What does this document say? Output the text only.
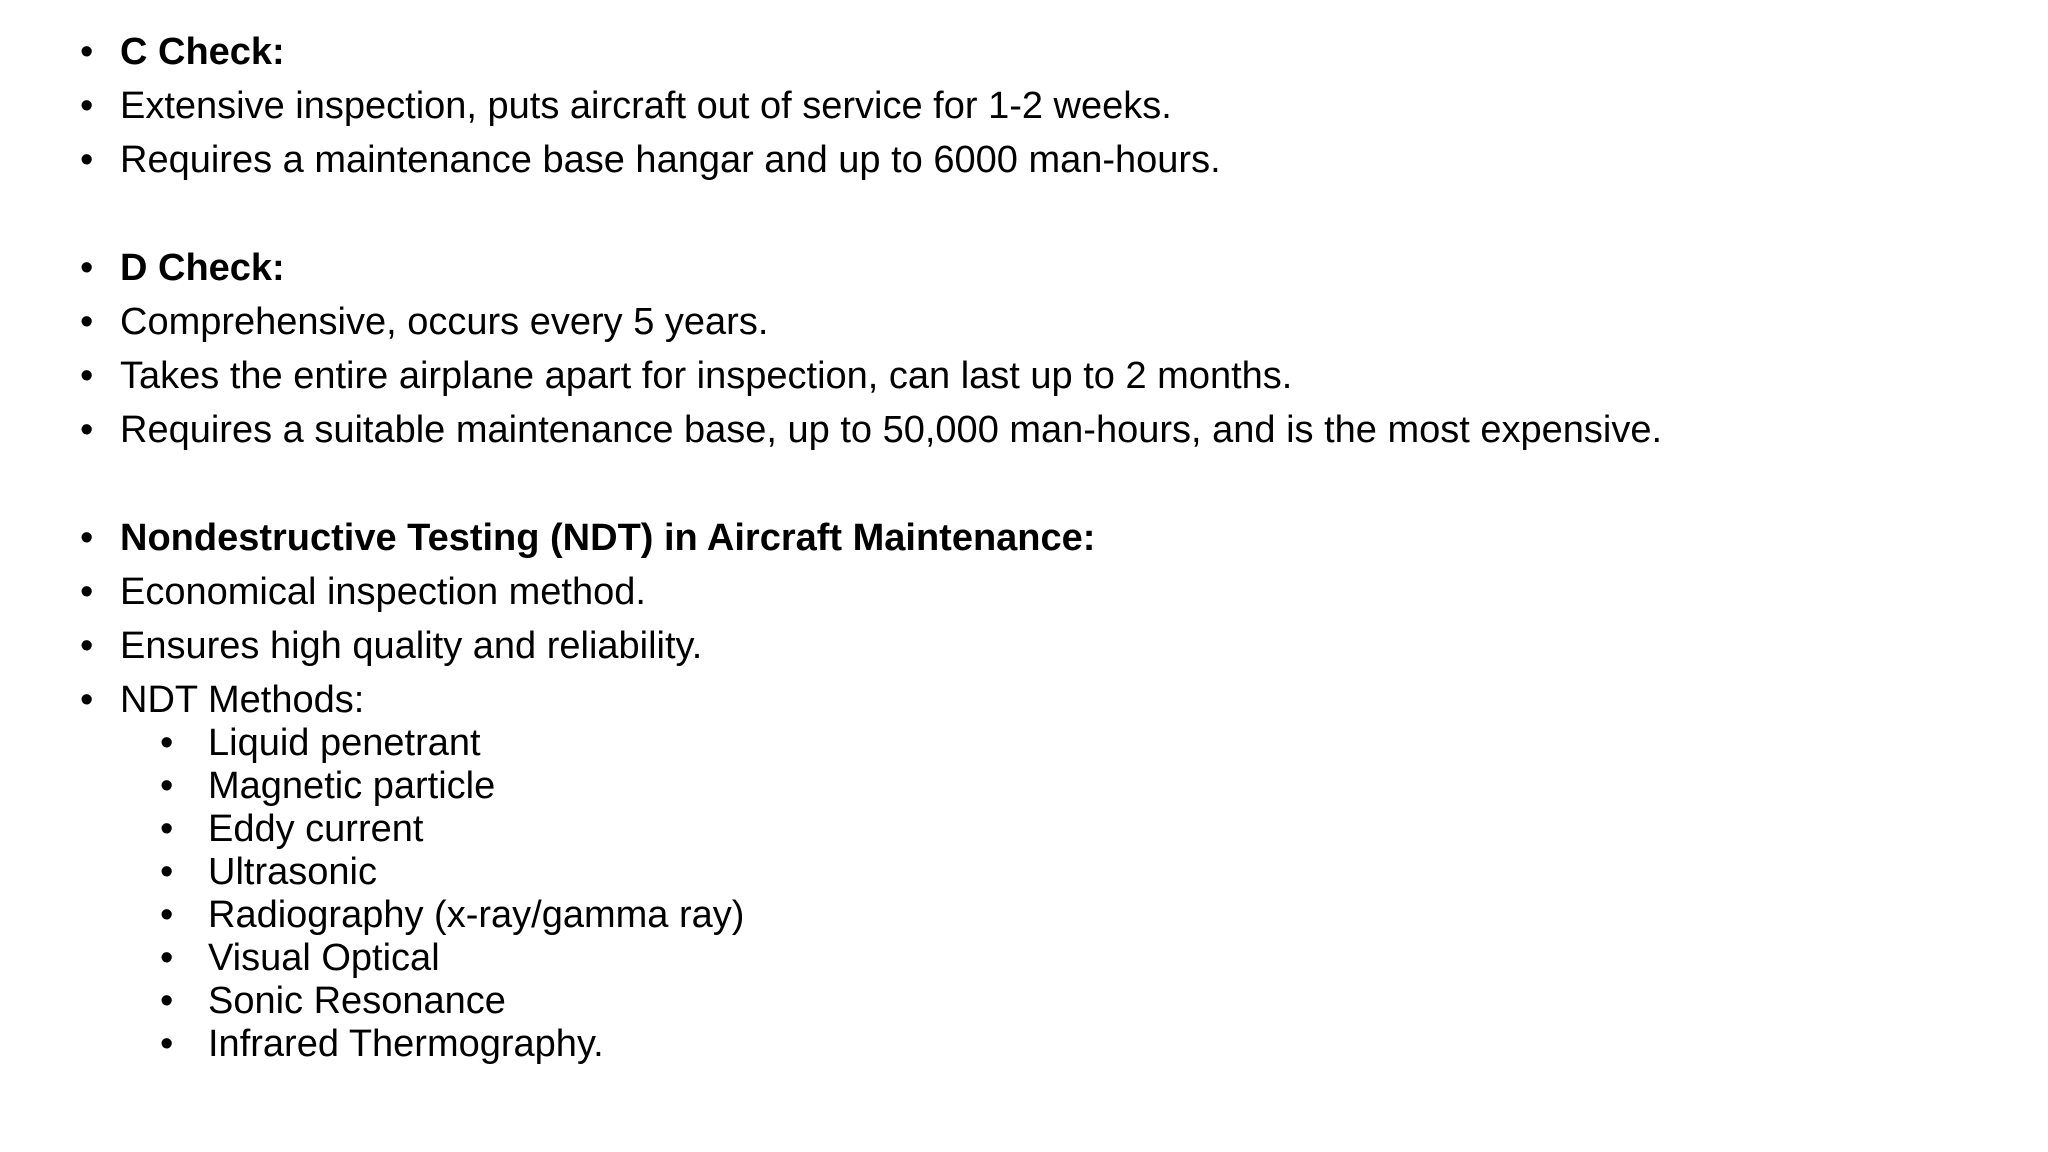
• C Check:
• Extensive inspection, puts aircraft out of service for 1-2 weeks.
• Requires a maintenance base hangar and up to 6000 man-hours.
• D Check:
• Comprehensive, occurs every 5 years.
• Takes the entire airplane apart for inspection, can last up to 2 months.
• Requires a suitable maintenance base, up to 50,000 man-hours, and is the most expensive.
• Nondestructive Testing (NDT) in Aircraft Maintenance:
• Economical inspection method.
• Ensures high quality and reliability.
• NDT Methods:
• Liquid penetrant
• Magnetic particle
• Eddy current
• Ultrasonic
• Radiography (x-ray/gamma ray)
• Visual Optical
• Sonic Resonance
• Infrared Thermography.
